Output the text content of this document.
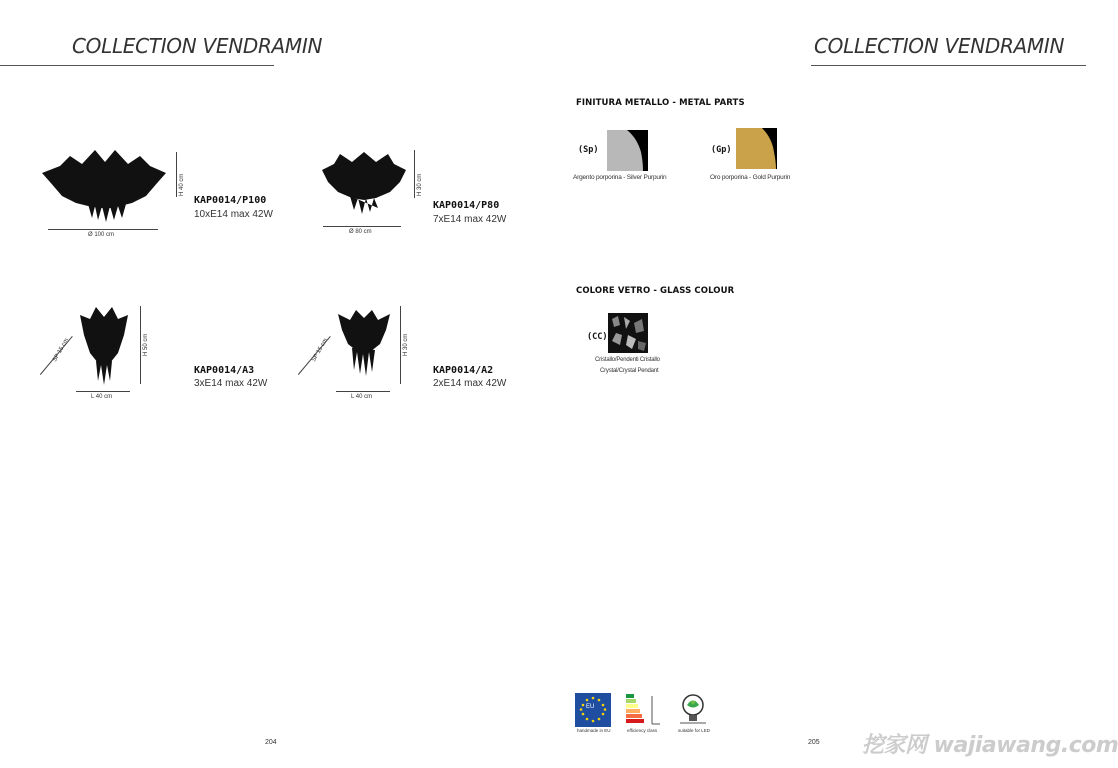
COLLECTION VENDRAMIN
H 40 cm
Ø 100 cm
KAP0014/P100
10xE14 max 42W
H 30 cm
Ø 80 cm
KAP0014/P80
7xE14 max 42W
H 50 cm
SP 15 cm
L 40 cm
KAP0014/A3
3xE14 max 42W
H 30 cm
SP 15 cm
L 40 cm
KAP0014/A2
2xE14 max 42W
204
COLLECTION VENDRAMIN
FINITURA METALLO - METAL PARTS
(Sp)
Argento porporina - Silver Purpurin
(Gp)
Oro porporina - Gold Purpurin
COLORE VETRO - GLASS COLOUR
(CC)
Cristallo/Pendenti Cristallo
Crystal/Crystal Pendant
EU
handmade in EU	efficiency class	suitable for LED
205 挖家网 wajiawang.com
